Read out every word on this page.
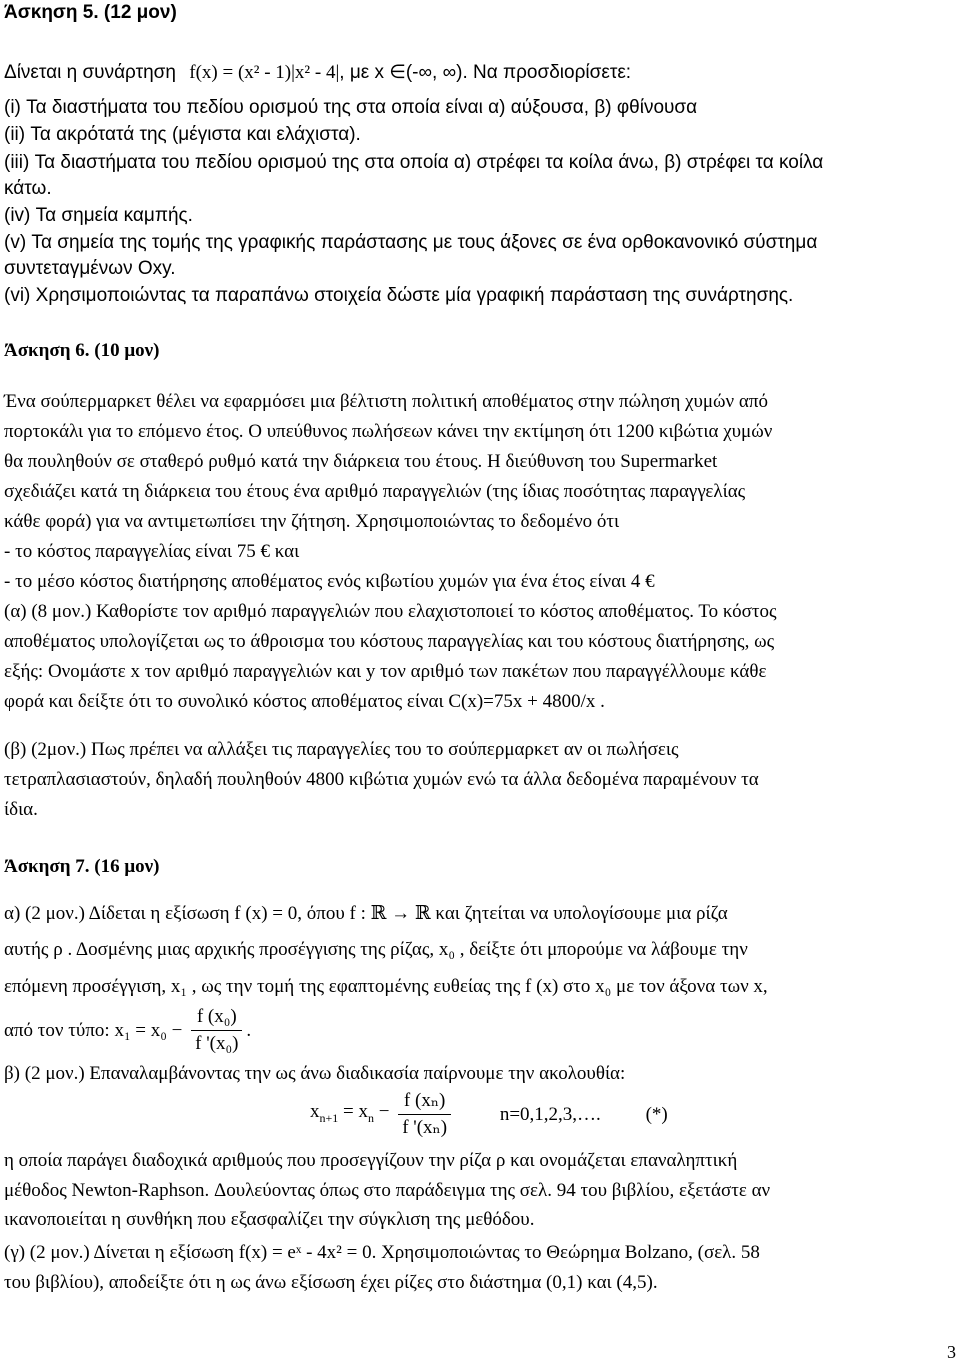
Άσκηση 5. (12 μον)
Δίνεται η συνάρτηση f(x) = (x² - 1)|x² - 4|, με x ∈(-∞, ∞). Να προσδιορίσετε:
(i) Τα διαστήματα του πεδίου ορισμού της στα οποία είναι α) αύξουσα, β) φθίνουσα
(ii) Τα ακρότατά της (μέγιστα και ελάχιστα).
(iii) Τα διαστήματα του πεδίου ορισμού της στα οποία α) στρέφει τα κοίλα άνω, β) στρέφει τα κοίλα
κάτω.
(iv) Τα σημεία καμπής.
(v) Τα σημεία της τομής της γραφικής παράστασης με τους άξονες σε ένα ορθοκανονικό σύστημα
συντεταγμένων Oxy.
(vi) Χρησιμοποιώντας τα παραπάνω στοιχεία δώστε μία γραφική παράσταση της συνάρτησης.
Άσκηση 6. (10 μον)
Ένα σούπερμαρκετ θέλει να εφαρμόσει μια βέλτιστη πολιτική αποθέματος στην πώληση χυμών από
πορτοκάλι για το επόμενο έτος. Ο υπεύθυνος πωλήσεων κάνει την εκτίμηση ότι 1200 κιβώτια χυμών
θα πουληθούν σε σταθερό ρυθμό κατά την διάρκεια του έτους. Η διεύθυνση του Supermarket
σχεδιάζει κατά τη διάρκεια του έτους ένα αριθμό παραγγελιών (της ίδιας ποσότητας παραγγελίας
κάθε φορά) για να αντιμετωπίσει την ζήτηση. Χρησιμοποιώντας το δεδομένο ότι
- το κόστος παραγγελίας είναι 75 € και
- το μέσο κόστος διατήρησης αποθέματος ενός κιβωτίου χυμών για ένα έτος είναι 4 €
(α) (8 μον.) Καθορίστε τον αριθμό παραγγελιών που ελαχιστοποιεί το κόστος αποθέματος. Το κόστος
αποθέματος υπολογίζεται ως το άθροισμα του κόστους παραγγελίας και του κόστους διατήρησης, ως
εξής: Ονομάστε x τον αριθμό παραγγελιών και y τον αριθμό των πακέτων που παραγγέλλουμε κάθε
φορά και δείξτε ότι το συνολικό κόστος αποθέματος είναι C(x)=75x + 4800/x .
(β) (2μον.) Πως πρέπει να αλλάξει τις παραγγελίες του το σούπερμαρκετ αν οι πωλήσεις
τετραπλασιαστούν, δηλαδή πουληθούν 4800 κιβώτια χυμών ενώ τα άλλα δεδομένα παραμένουν τα
ίδια.
Άσκηση 7. (16 μον)
α) (2 μον.) Δίδεται η εξίσωση f (x) = 0, όπου f : ℝ → ℝ και ζητείται να υπολογίσουμε μια ρίζα
αυτής ρ . Δοσμένης μιας αρχικής προσέγγισης της ρίζας, x₀ , δείξτε ότι μπορούμε να λάβουμε την
επόμενη προσέγγιση, x₁ , ως την τομή της εφαπτομένης ευθείας της f (x) στο x₀ με τον άξονα των x,
από τον τύπο: $x_1 = x_0 - \frac{\text{f (x₀)}}{\text{f '(x₀)}}$ .
β) (2 μον.) Επαναλαμβάνοντας την ως άνω διαδικασία παίρνουμε την ακολουθία:
$x_{n+1} = x_n - \frac{\text{f (xₙ)}}{\text{f '(xₙ)}}$	n=0,1,2,3,…. (*)
η οποία παράγει διαδοχικά αριθμούς που προσεγγίζουν την ρίζα ρ και ονομάζεται επαναληπτική
μέθοδος Newton-Raphson. Δουλεύοντας όπως στο παράδειγμα της σελ. 94 του βιβλίου, εξετάστε αν
ικανοποιείται η συνθήκη που εξασφαλίζει την σύγκλιση της μεθόδου.
(γ) (2 μον.) Δίνεται η εξίσωση f(x) = eˣ - 4x² = 0. Χρησιμοποιώντας το Θεώρημα Bolzano, (σελ. 58
του βιβλίου), αποδείξτε ότι η ως άνω εξίσωση έχει ρίζες στο διάστημα (0,1) και (4,5).
3
